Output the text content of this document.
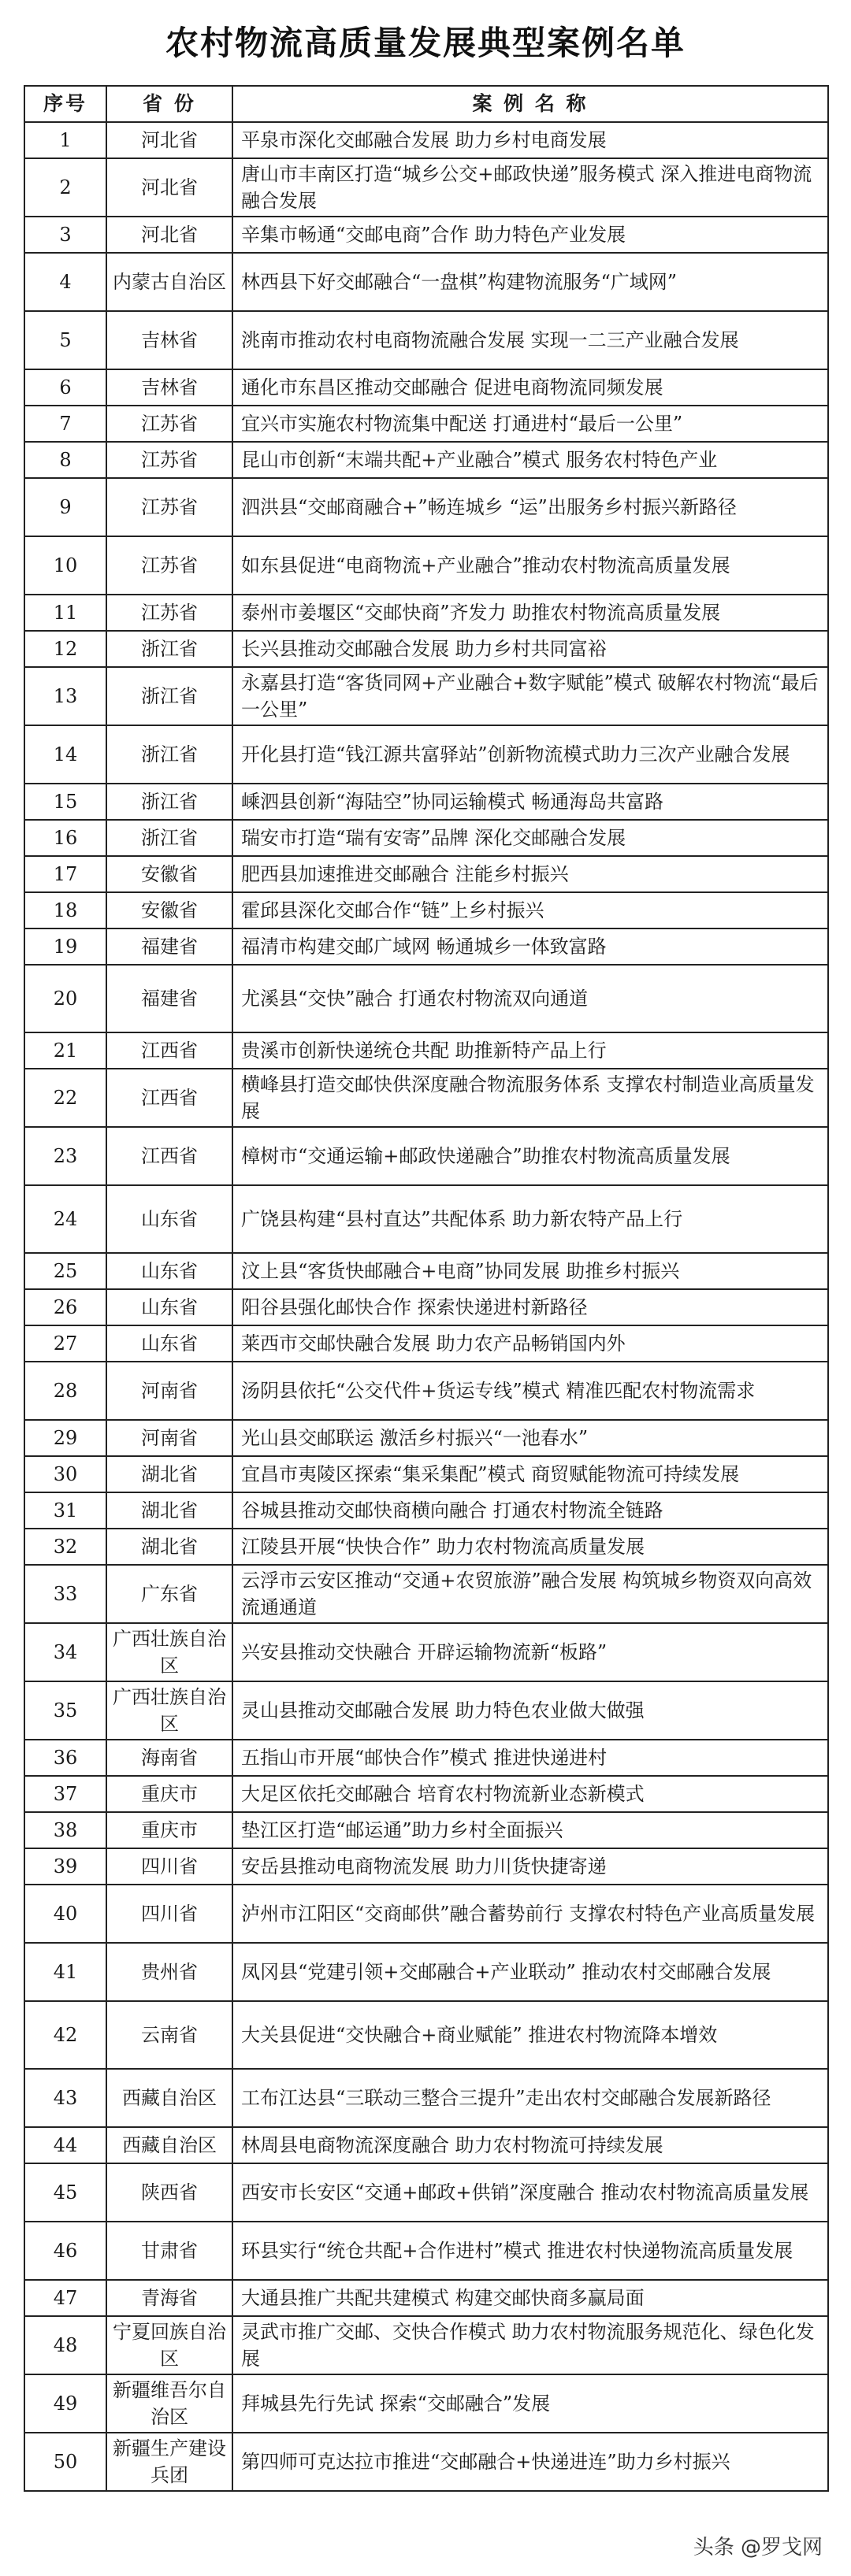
农村物流高质量发展典型案例名单
序号	省 份	案 例 名 称
1	河北省	平泉市深化交邮融合发展 助力乡村电商发展
2	河北省	唐山市丰南区打造“城乡公交+邮政快递”服务模式 深入推进电商物流融合发展
3	河北省	辛集市畅通“交邮电商”合作 助力特色产业发展
4	内蒙古自治区	林西县下好交邮融合“一盘棋”构建物流服务“广域网”
5	吉林省	洮南市推动农村电商物流融合发展 实现一二三产业融合发展
6	吉林省	通化市东昌区推动交邮融合 促进电商物流同频发展
7	江苏省	宜兴市实施农村物流集中配送 打通进村“最后一公里”
8	江苏省	昆山市创新“末端共配+产业融合”模式 服务农村特色产业
9	江苏省	泗洪县“交邮商融合+”畅连城乡 “运”出服务乡村振兴新路径
10	江苏省	如东县促进“电商物流+产业融合”推动农村物流高质量发展
11	江苏省	泰州市姜堰区“交邮快商”齐发力 助推农村物流高质量发展
12	浙江省	长兴县推动交邮融合发展 助力乡村共同富裕
13	浙江省	永嘉县打造“客货同网+产业融合+数字赋能”模式 破解农村物流“最后一公里”
14	浙江省	开化县打造“钱江源共富驿站”创新物流模式助力三次产业融合发展
15	浙江省	嵊泗县创新“海陆空”协同运输模式 畅通海岛共富路
16	浙江省	瑞安市打造“瑞有安寄”品牌 深化交邮融合发展
17	安徽省	肥西县加速推进交邮融合 注能乡村振兴
18	安徽省	霍邱县深化交邮合作“链”上乡村振兴
19	福建省	福清市构建交邮广域网 畅通城乡一体致富路
20	福建省	尤溪县“交快”融合 打通农村物流双向通道
21	江西省	贵溪市创新快递统仓共配 助推新特产品上行
22	江西省	横峰县打造交邮快供深度融合物流服务体系 支撑农村制造业高质量发展
23	江西省	樟树市“交通运输+邮政快递融合”助推农村物流高质量发展
24	山东省	广饶县构建“县村直达”共配体系 助力新农特产品上行
25	山东省	汶上县“客货快邮融合+电商”协同发展 助推乡村振兴
26	山东省	阳谷县强化邮快合作 探索快递进村新路径
27	山东省	莱西市交邮快融合发展 助力农产品畅销国内外
28	河南省	汤阴县依托“公交代件+货运专线”模式 精准匹配农村物流需求
29	河南省	光山县交邮联运 激活乡村振兴“一池春水”
30	湖北省	宜昌市夷陵区探索“集采集配”模式 商贸赋能物流可持续发展
31	湖北省	谷城县推动交邮快商横向融合 打通农村物流全链路
32	湖北省	江陵县开展“快快合作” 助力农村物流高质量发展
33	广东省	云浮市云安区推动“交通+农贸旅游”融合发展 构筑城乡物资双向高效流通通道
34	广西壮族自治区	兴安县推动交快融合 开辟运输物流新“板路”
35	广西壮族自治区	灵山县推动交邮融合发展 助力特色农业做大做强
36	海南省	五指山市开展“邮快合作”模式 推进快递进村
37	重庆市	大足区依托交邮融合 培育农村物流新业态新模式
38	重庆市	垫江区打造“邮运通”助力乡村全面振兴
39	四川省	安岳县推动电商物流发展 助力川货快捷寄递
40	四川省	泸州市江阳区“交商邮供”融合蓄势前行 支撑农村特色产业高质量发展
41	贵州省	凤冈县“党建引领+交邮融合+产业联动” 推动农村交邮融合发展
42	云南省	大关县促进“交快融合+商业赋能” 推进农村物流降本增效
43	西藏自治区	工布江达县“三联动三整合三提升”走出农村交邮融合发展新路径
44	西藏自治区	林周县电商物流深度融合 助力农村物流可持续发展
45	陕西省	西安市长安区“交通+邮政+供销”深度融合 推动农村物流高质量发展
46	甘肃省	环县实行“统仓共配+合作进村”模式 推进农村快递物流高质量发展
47	青海省	大通县推广共配共建模式 构建交邮快商多赢局面
48	宁夏回族自治区	灵武市推广交邮、交快合作模式 助力农村物流服务规范化、绿色化发展
49	新疆维吾尔自治区	拜城县先行先试 探索“交邮融合”发展
50	新疆生产建设兵团	第四师可克达拉市推进“交邮融合+快递进连”助力乡村振兴
头条 @罗戈网
